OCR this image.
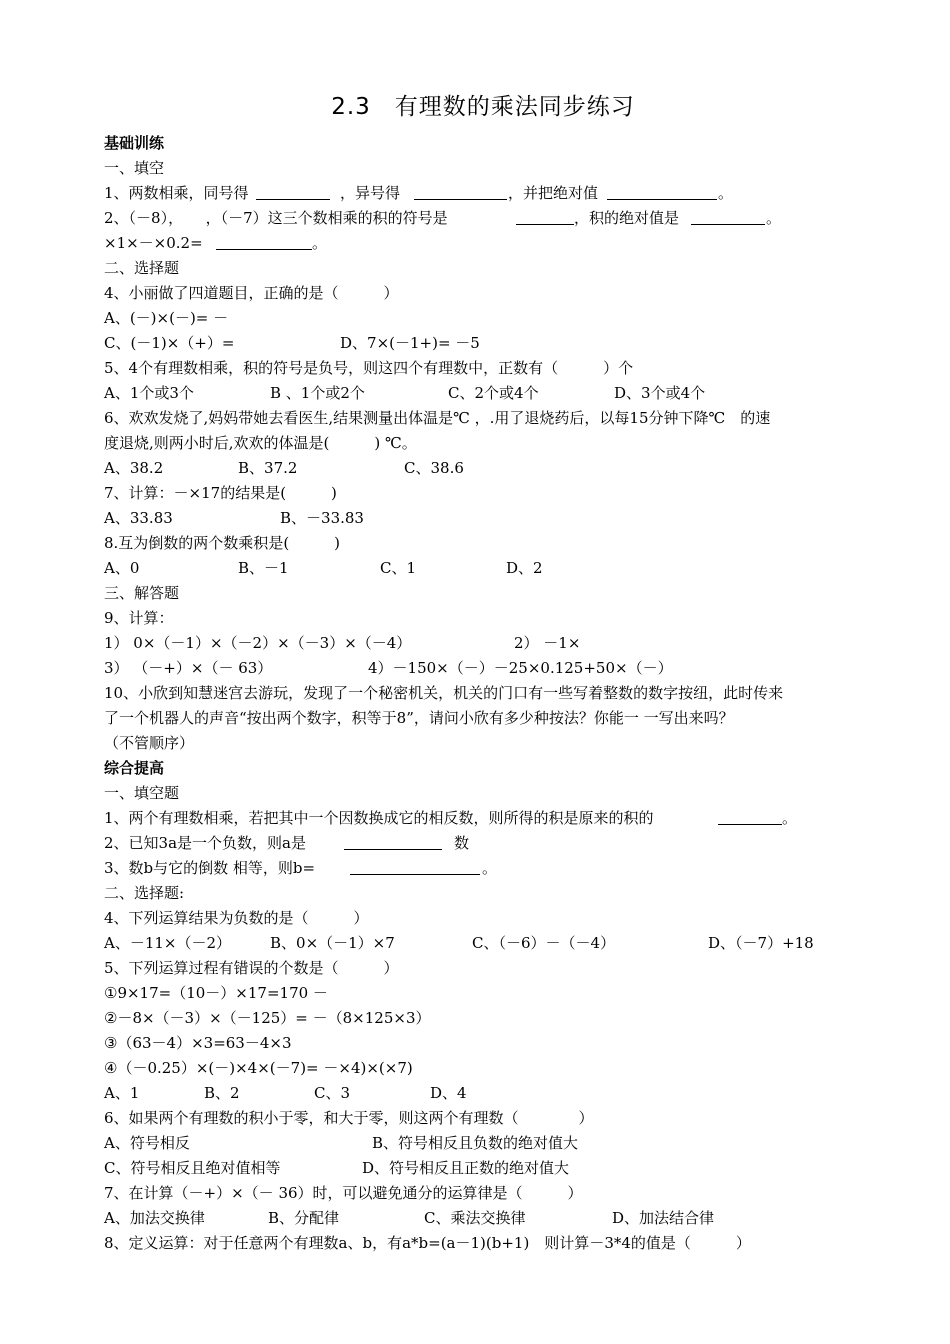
2.3　有理数的乘法同步练习
基础训练
一、填空
1、两数相乘，同号得	，异号得	，并把绝对值	。
2、（－8），　　，（－7）这三个数相乘的积的符号是	，积的绝对值是	。
×1×－×0.2=	。
二、选择题
4、小丽做了四道题目，正确的是（　　　）
A、(－)×(－)= －
C、(－1)×（+）=	D、7×(－1+)= －5
5、4个有理数相乘，积的符号是负号，则这四个有理数中，正数有（　　　）个
A、1个或3个	B 、1个或2个	C、2个或4个	D、3个或4个
6、欢欢发烧了,妈妈带她去看医生,结果测量出体温是℃ ，.用了退烧药后，以每15分钟下降℃　的速
度退烧,则两小时后,欢欢的体温是(　　　) ℃。
A、38.2	B、37.2	C、38.6
7、计算：－×17的结果是(　　　)
A、33.83	B、－33.83
8.互为倒数的两个数乘积是(　　　)
A、0	B、－1	C、1	D、2
三、解答题
9、计算：
1） 0×（－1）×（－2）×（－3）×（－4）	2） －1×
3） （－+）×（－ 63）	4）－150×（－）－25×0.125+50×（－）
10、小欣到知慧迷宫去游玩，发现了一个秘密机关，机关的门口有一些写着整数的数字按纽，此时传来
了一个机器人的声音“按出两个数字，积等于8”，请问小欣有多少种按法？你能一 一写出来吗？
（不管顺序）
综合提高
一、填空题
1、两个有理数相乘，若把其中一个因数换成它的相反数，则所得的积是原来的积的	。
2、已知3a是一个负数，则a是	数
3、数b与它的倒数 相等，则b=	。
二、选择题:
4、下列运算结果为负数的是（　　　）
A、－11×（－2）	B、0×（－1）×7	C、（－6）－（－4）	D、（－7）+18
5、下列运算过程有错误的个数是（　　　）
①9×17=（10－）×17=170 －
②－8×（－3）×（－125）= －（8×125×3）
③（63－4）×3=63－4×3
④（－0.25）×(－)×4×(－7)= －×4)×(×7)
A、1	B、2	C、3	D、4
6、如果两个有理数的积小于零，和大于零，则这两个有理数（　　　　）
A、符号相反	B、符号相反且负数的绝对值大
C、符号相反且绝对值相等	D、符号相反且正数的绝对值大
7、在计算（－+）×（－ 36）时，可以避免通分的运算律是（　　　）
A、加法交换律	B、分配律	C、乘法交换律	D、加法结合律
8、定义运算：对于任意两个有理数a、b，有a*b=(a－1)(b+1)　则计算－3*4的值是（　　　）
